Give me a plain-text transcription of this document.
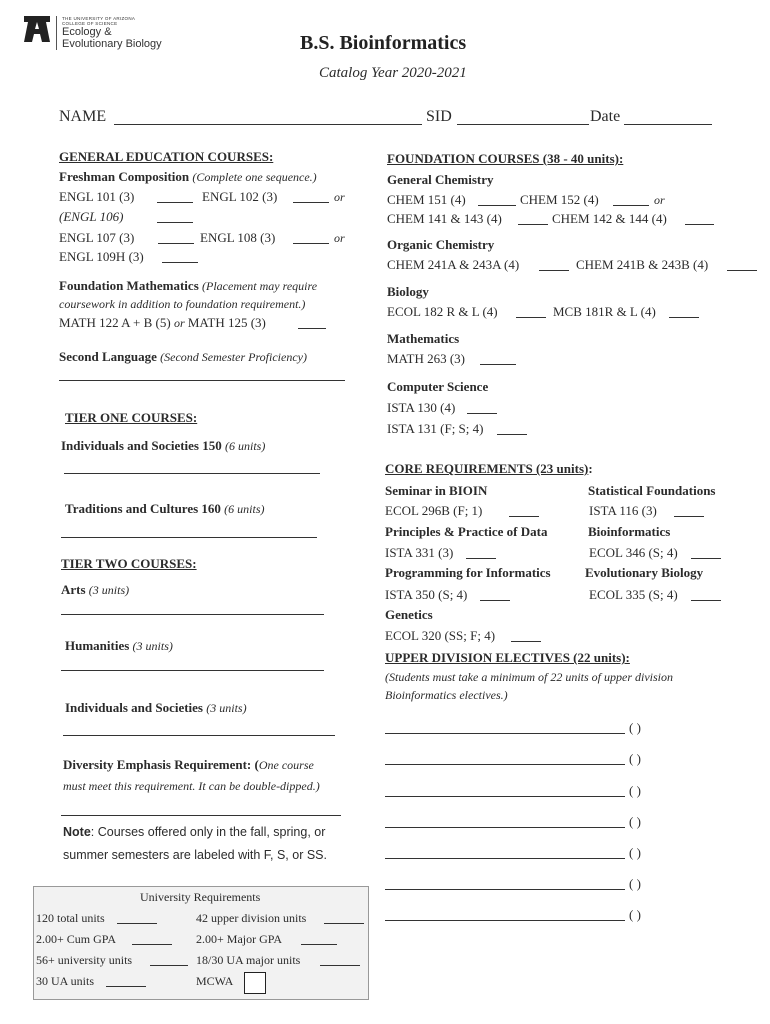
THE UNIVERSITY OF ARIZONA
COLLEGE OF SCIENCE
Ecology &
Evolutionary Biology	B.S. Bioinformatics
Catalog Year 2020-2021
NAME	SID	Date
GENERAL EDUCATION COURSES:
Freshman Composition (Complete one sequence.)
ENGL 101 (3)	ENGL 102 (3)	or
(ENGL 106)
ENGL 107 (3)	ENGL 108 (3)	or
ENGL 109H (3)
Foundation Mathematics (Placement may require
coursework in addition to foundation requirement.)
MATH 122 A + B (5) or MATH 125 (3)
Second Language (Second Semester Proficiency)
TIER ONE COURSES:
Individuals and Societies 150 (6 units)
Traditions and Cultures 160 (6 units)
TIER TWO COURSES:
Arts (3 units)
Humanities (3 units)
Individuals and Societies (3 units)
Diversity Emphasis Requirement: (One course
must meet this requirement. It can be double-dipped.)
Note: Courses offered only in the fall, spring, or
summer semesters are labeled with F, S, or SS.
University Requirements
120 total units	42 upper division units
2.00+ Cum GPA	2.00+ Major GPA
56+ university units	18/30 UA major units
30 UA units	MCWA
FOUNDATION COURSES (38 - 40 units):
General Chemistry
CHEM 151 (4)	CHEM 152 (4)	or
CHEM 141 & 143 (4)	CHEM 142 & 144 (4)
Organic Chemistry
CHEM 241A & 243A (4)	CHEM 241B & 243B (4)
Biology
ECOL 182 R & L (4)	MCB 181R & L (4)
Mathematics
MATH 263 (3)
Computer Science
ISTA 130 (4)
ISTA 131 (F; S; 4)
CORE REQUIREMENTS (23 units):
Seminar in BIOIN	Statistical Foundations
ECOL 296B (F; 1)	ISTA 116 (3)
Principles & Practice of Data	Bioinformatics
ISTA 331 (3)	ECOL 346 (S; 4)
Programming for Informatics	Evolutionary Biology
ISTA 350 (S; 4)	ECOL 335 (S; 4)
Genetics
ECOL 320 (SS; F; 4)
UPPER DIVISION ELECTIVES (22 units):
(Students must take a minimum of 22 units of upper division
Bioinformatics electives.)
( )
( )
( )
( )
( )
( )
( )
